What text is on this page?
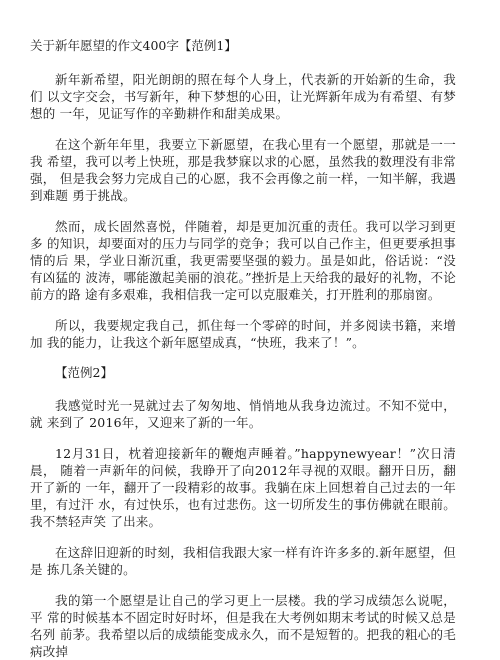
关于新年愿望的作文400字【范例1】

新年新希望，阳光朗朗的照在每个人身上，代表新的开始新的生命，我们 以文字交会，书写新年，种下梦想的心田，让光辉新年成为有希望、有梦想的 一年，见证写作的辛勤耕作和甜美成果。

在这个新年年里，我要立下新愿望，在我心里有一个愿望，那就是一一我 希望，我可以考上快班，那是我梦寐以求的心愿，虽然我的数理没有非常强， 但是我会努力完成自己的心愿，我不会再像之前一样，一知半解，我遇到难题 勇于挑战。

然而，成长固然喜悦，伴随着，却是更加沉重的责任。我可以学习到更多 的知识，却要面对的压力与同学的竞争；我可以自己作主，但更要承担事情的后 果，学业日渐沉重，我更需要坚强的毅力。虽是如此，俗话说：“没有凶猛的 波涛，哪能激起美丽的浪花。”挫折是上天给我的最好的礼物，不论前方的路 途有多艰难，我相信我一定可以克服难关，打开胜利的那扇窗。

所以，我要规定我自己，抓住每一个零碎的时间，并多阅读书籍，来增加 我的能力，让我这个新年愿望成真，“快班，我来了！”。

【范例2】

我感觉时光一晃就过去了匆匆地、悄悄地从我身边流过。不知不觉中，就 来到了 2016年，又迎来了新的一年。

12月31日，枕着迎接新年的鞭炮声睡着。”happynewyear！”次日清晨， 随着一声新年的问候，我睁开了向2012年寻视的双眼。翻开日历，翻开了新的 一年，翻开了一段精彩的故事。我躺在床上回想着自己过去的一年里，有过汗 水，有过快乐，也有过悲伤。这一切所发生的事仿佛就在眼前。我不禁轻声笑 了出来。

在这辞旧迎新的时刻，我相信我跟大家一样有许许多多的.新年愿望，但是 拣几条关键的。

我的第一个愿望是让自己的学习更上一层楼。我的学习成绩怎么说呢，平 常的时候基本不固定时好时坏，但是我在大考例如期末考试的时候又总是名列 前茅。我希望以后的成绩能变成永久，而不是短暂的。把我的粗心的毛病改掉
